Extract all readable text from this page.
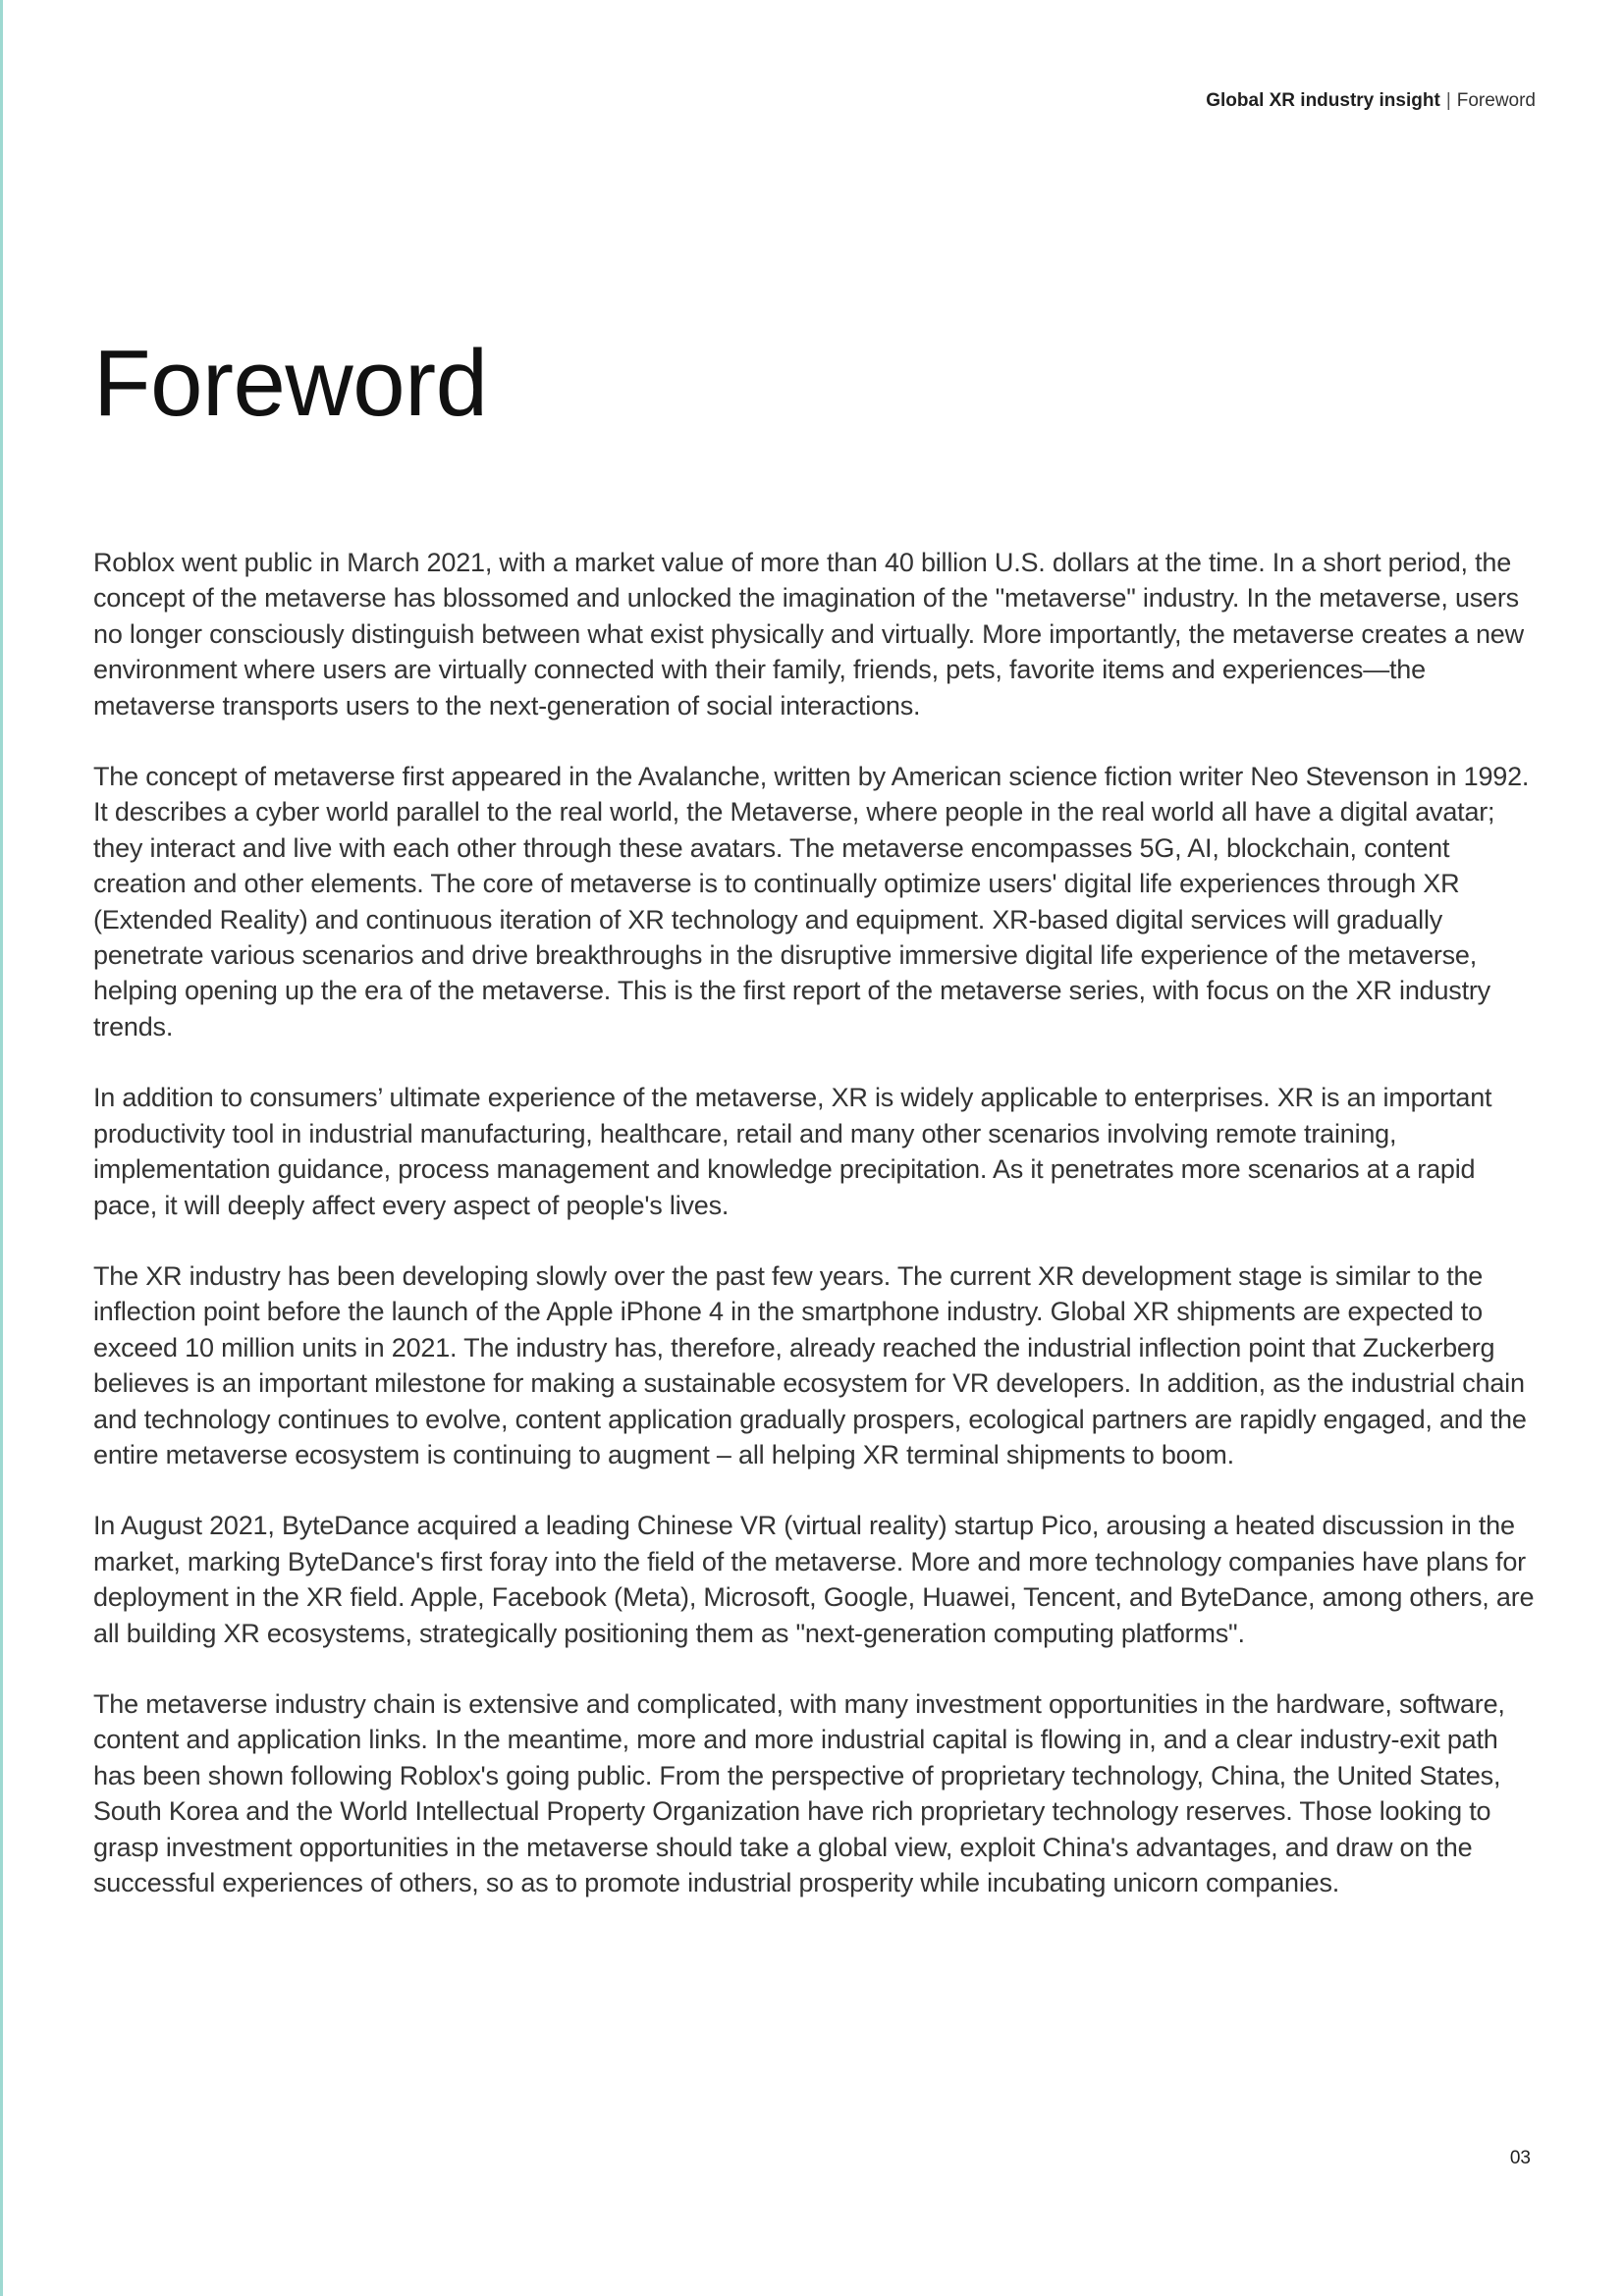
Global XR industry insight | Foreword
Foreword

Roblox went public in March 2021, with a market value of more than 40 billion U.S. dollars at the time. In a short period, the concept of the metaverse has blossomed and unlocked the imagination of the "metaverse" industry. In the metaverse, users no longer consciously distinguish between what exist physically and virtually. More importantly, the metaverse creates a new environment where users are virtually connected with their family, friends, pets, favorite items and experiences—the metaverse transports users to the next-generation of social interactions.

The concept of metaverse first appeared in the Avalanche, written by American science fiction writer Neo Stevenson in 1992. It describes a cyber world parallel to the real world, the Metaverse, where people in the real world all have a digital avatar; they interact and live with each other through these avatars. The metaverse encompasses 5G, AI, blockchain, content creation and other elements. The core of metaverse is to continually optimize users' digital life experiences through XR (Extended Reality) and continuous iteration of XR technology and equipment. XR-based digital services will gradually penetrate various scenarios and drive breakthroughs in the disruptive immersive digital life experience of the metaverse, helping opening up the era of the metaverse. This is the first report of the metaverse series, with focus on the XR industry trends.

In addition to consumers’ ultimate experience of the metaverse, XR is widely applicable to enterprises. XR is an important productivity tool in industrial manufacturing, healthcare, retail and many other scenarios involving remote training, implementation guidance, process management and knowledge precipitation. As it penetrates more scenarios at a rapid pace, it will deeply affect every aspect of people's lives.

The XR industry has been developing slowly over the past few years. The current XR development stage is similar to the inflection point before the launch of the Apple iPhone 4 in the smartphone industry. Global XR shipments are expected to exceed 10 million units in 2021. The industry has, therefore, already reached the industrial inflection point that Zuckerberg believes is an important milestone for making a sustainable ecosystem for VR developers. In addition, as the industrial chain and technology continues to evolve, content application gradually prospers, ecological partners are rapidly engaged, and the entire metaverse ecosystem is continuing to augment – all helping XR terminal shipments to boom.

In August 2021, ByteDance acquired a leading Chinese VR (virtual reality) startup Pico, arousing a heated discussion in the market, marking ByteDance's first foray into the field of the metaverse. More and more technology companies have plans for deployment in the XR field. Apple, Facebook (Meta), Microsoft, Google, Huawei, Tencent, and ByteDance, among others, are all building XR ecosystems, strategically positioning them as "next-generation computing platforms".

The metaverse industry chain is extensive and complicated, with many investment opportunities in the hardware, software, content and application links. In the meantime, more and more industrial capital is flowing in, and a clear industry-exit path has been shown following Roblox's going public. From the perspective of proprietary technology, China, the United States, South Korea and the World Intellectual Property Organization have rich proprietary technology reserves. Those looking to grasp investment opportunities in the metaverse should take a global view, exploit China's advantages, and draw on the successful experiences of others, so as to promote industrial prosperity while incubating unicorn companies.

03
